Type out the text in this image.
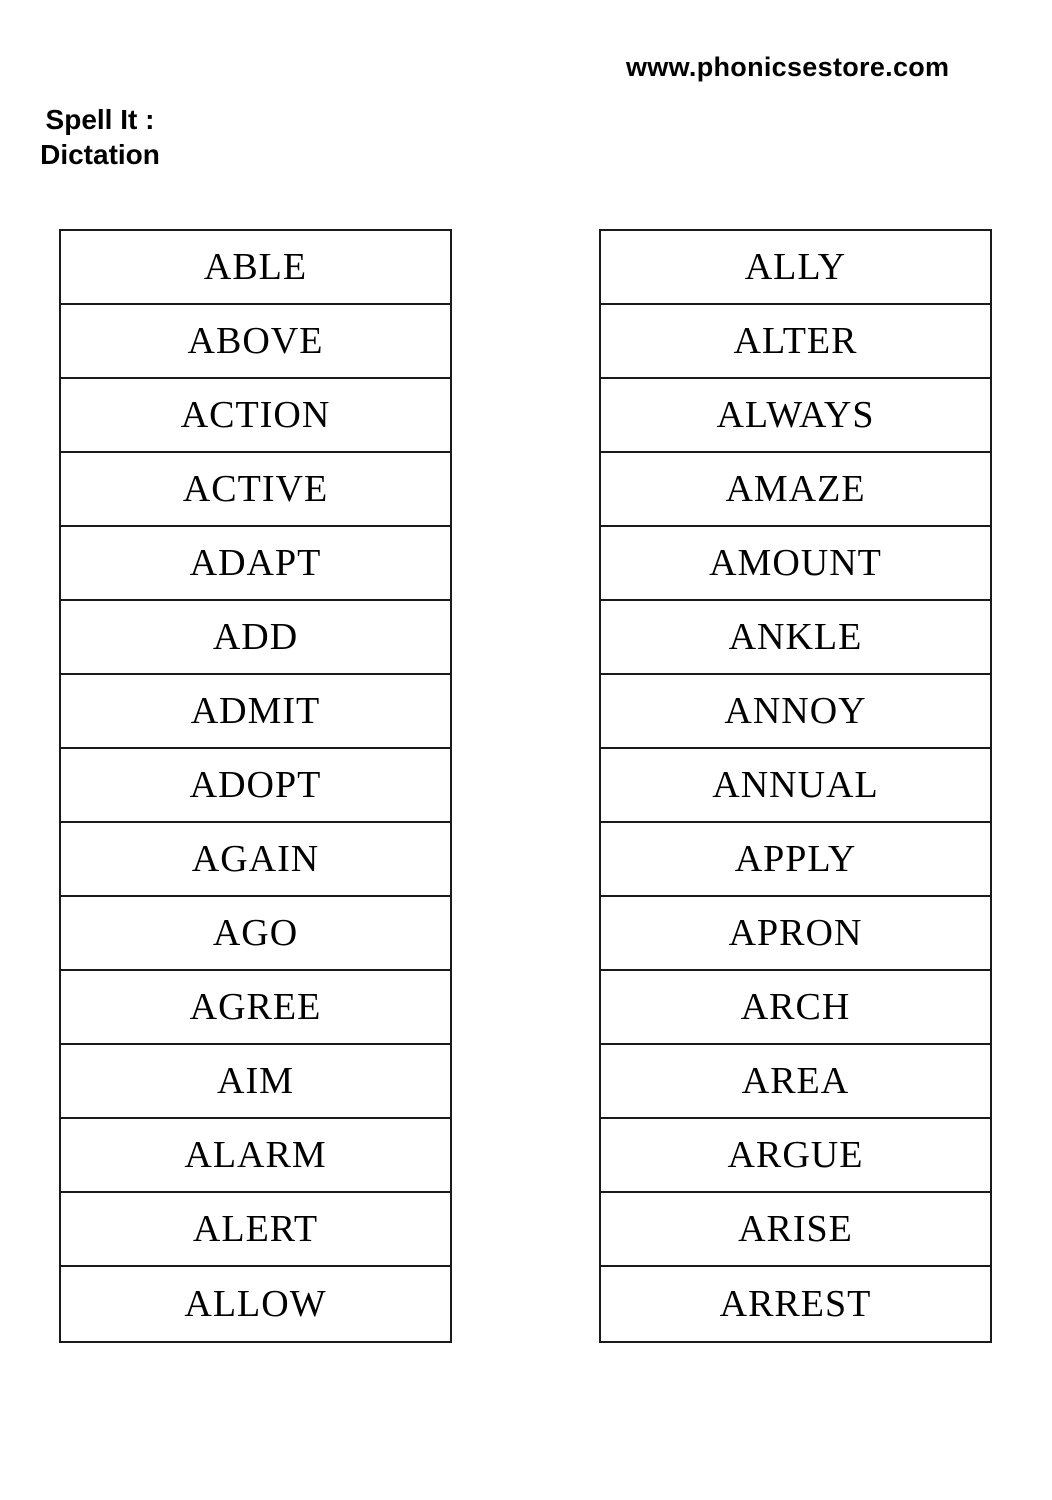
www.phonicsestore.com
Spell It :
Dictation
ABLE
ABOVE
ACTION
ACTIVE
ADAPT
ADD
ADMIT
ADOPT
AGAIN
AGO
AGREE
AIM
ALARM
ALERT
ALLOW
ALLY
ALTER
ALWAYS
AMAZE
AMOUNT
ANKLE
ANNOY
ANNUAL
APPLY
APRON
ARCH
AREA
ARGUE
ARISE
ARREST
